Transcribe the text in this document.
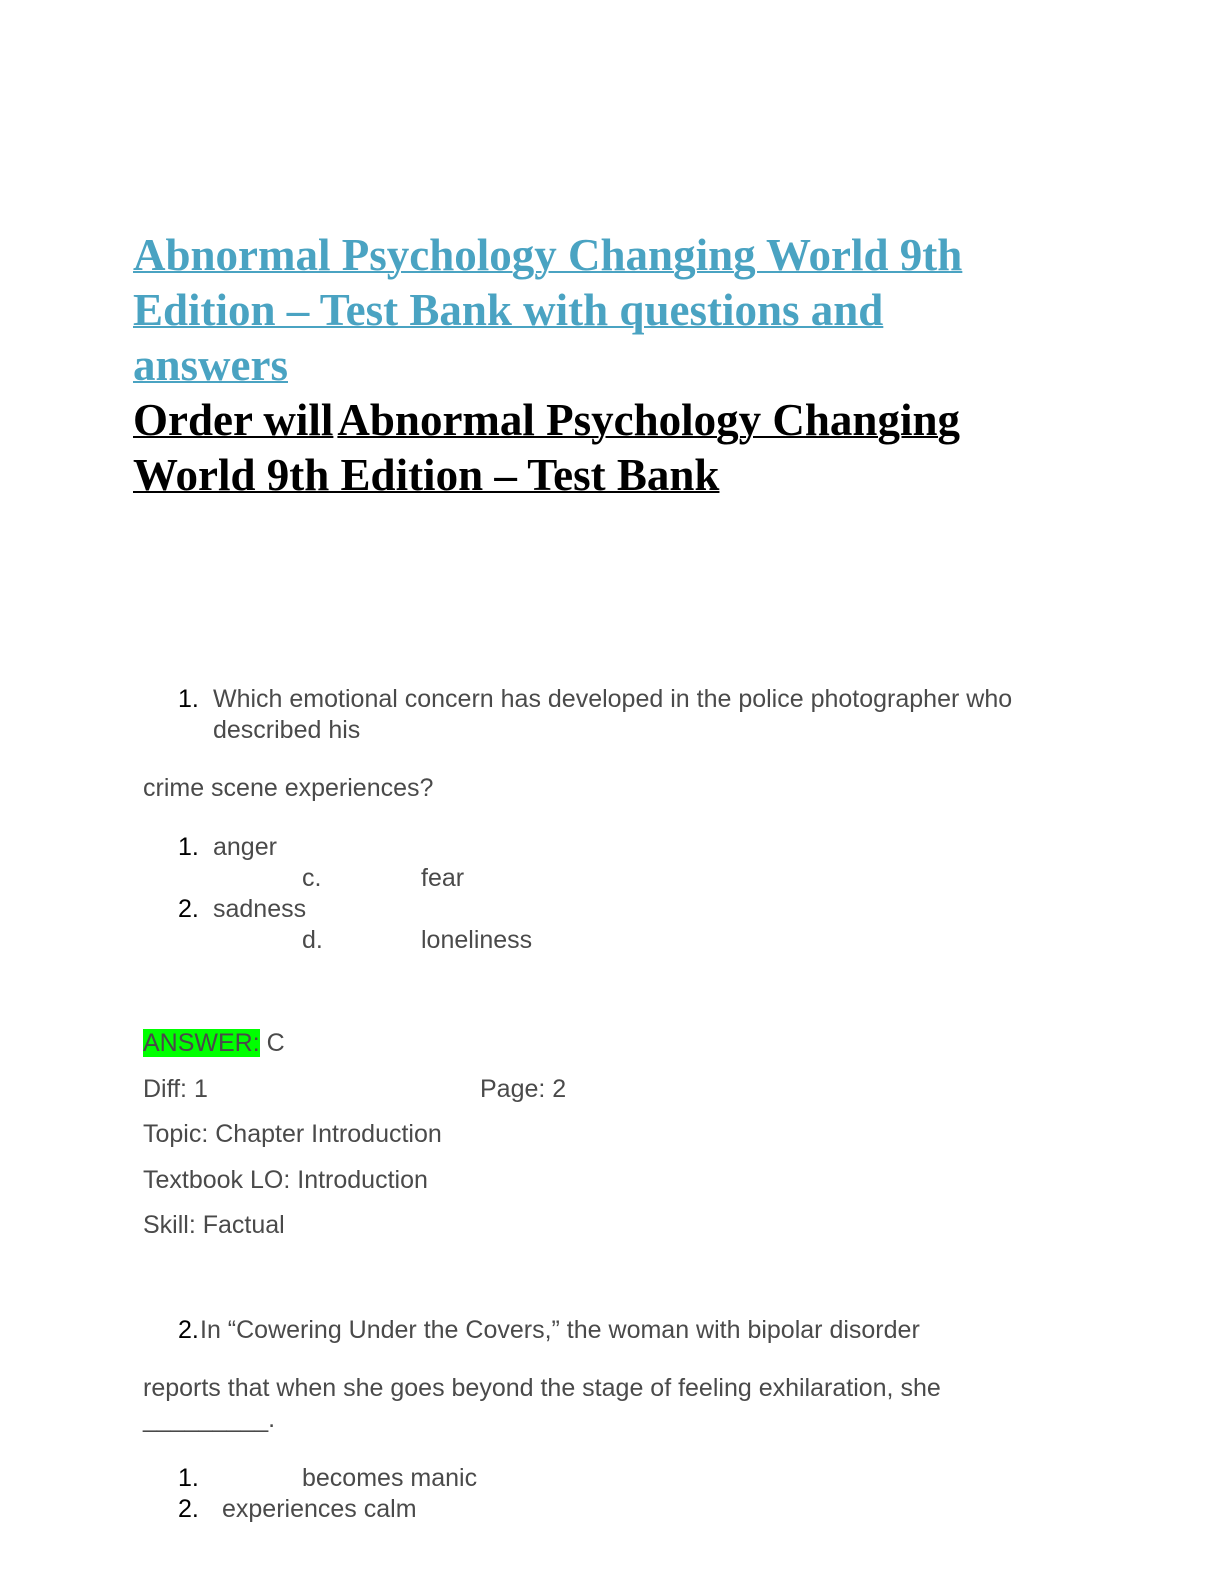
Abnormal Psychology Changing World 9th
Edition – Test Bank with questions and
answers
Order will Abnormal Psychology Changing
World 9th Edition – Test Bank
1. Which emotional concern has developed in the police photographer who
described his
crime scene experiences?
1. anger
c.	fear
2. sadness
d.	loneliness
ANSWER: C
Diff: 1	Page: 2
Topic: Chapter Introduction
Textbook LO: Introduction
Skill: Factual
2. In “Cowering Under the Covers,” the woman with bipolar disorder
reports that when she goes beyond the stage of feeling exhilaration, she
_________.
1.	becomes manic
2. experiences calm
